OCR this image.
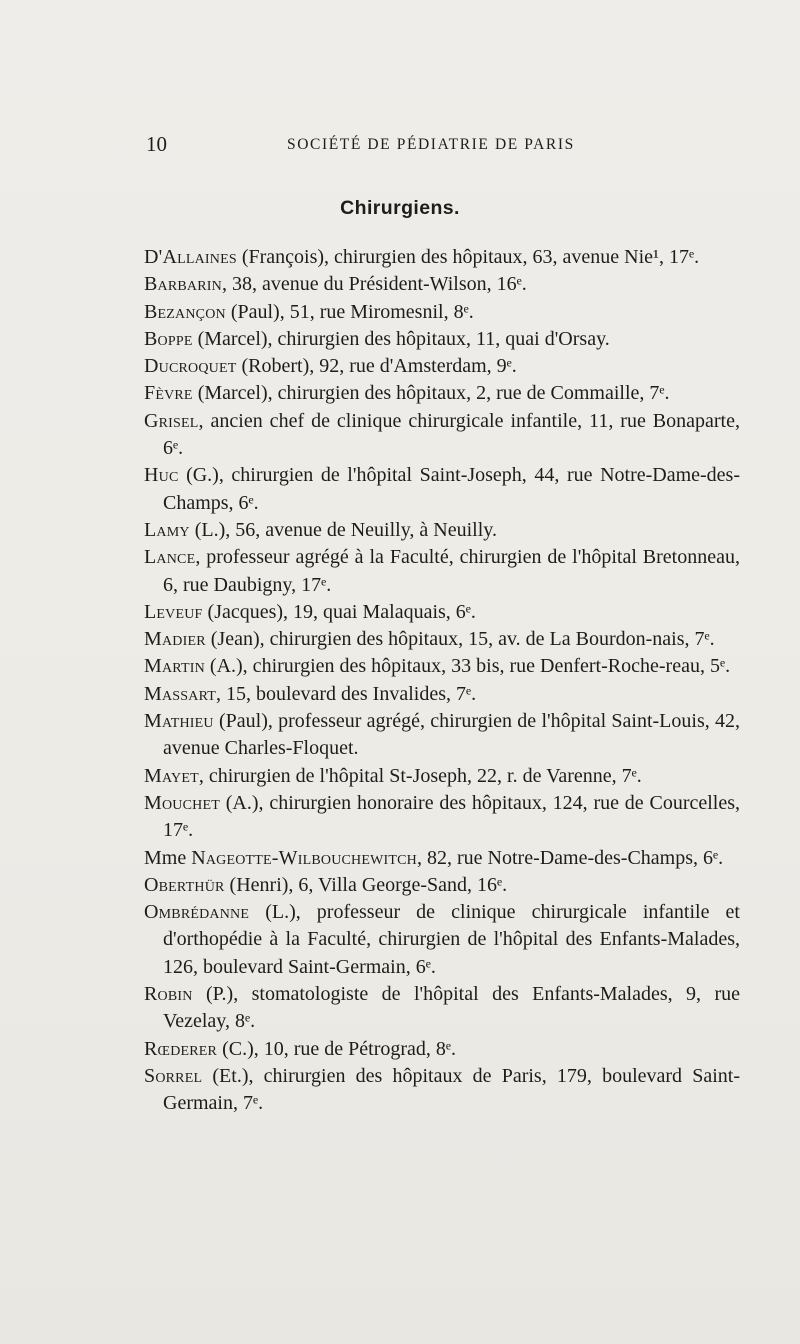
10	SOCIÉTÉ DE PÉDIATRIE DE PARIS
Chirurgiens.
D'Allaines (François), chirurgien des hôpitaux, 63, avenue Nie¹, 17ᵉ.
Barbarin, 38, avenue du Président-Wilson, 16ᵉ.
Bezançon (Paul), 51, rue Miromesnil, 8ᵉ.
Boppe (Marcel), chirurgien des hôpitaux, 11, quai d'Orsay.
Ducroquet (Robert), 92, rue d'Amsterdam, 9ᵉ.
Fèvre (Marcel), chirurgien des hôpitaux, 2, rue de Commaille, 7ᵉ.
Grisel, ancien chef de clinique chirurgicale infantile, 11, rue Bonaparte, 6ᵉ.
Huc (G.), chirurgien de l'hôpital Saint-Joseph, 44, rue Notre-Dame-des-Champs, 6ᵉ.
Lamy (L.), 56, avenue de Neuilly, à Neuilly.
Lance, professeur agrégé à la Faculté, chirurgien de l'hôpital Bretonneau, 6, rue Daubigny, 17ᵉ.
Leveuf (Jacques), 19, quai Malaquais, 6ᵉ.
Madier (Jean), chirurgien des hôpitaux, 15, av. de La Bourdon-nais, 7ᵉ.
Martin (A.), chirurgien des hôpitaux, 33 bis, rue Denfert-Roche-reau, 5ᵉ.
Massart, 15, boulevard des Invalides, 7ᵉ.
Mathieu (Paul), professeur agrégé, chirurgien de l'hôpital Saint-Louis, 42, avenue Charles-Floquet.
Mayet, chirurgien de l'hôpital St-Joseph, 22, r. de Varenne, 7ᵉ.
Mouchet (A.), chirurgien honoraire des hôpitaux, 124, rue de Courcelles, 17ᵉ.
Mme Nageotte-Wilbouchewitch, 82, rue Notre-Dame-des-Champs, 6ᵉ.
Oberthür (Henri), 6, Villa George-Sand, 16ᵉ.
Ombrédanne (L.), professeur de clinique chirurgicale infantile et d'orthopédie à la Faculté, chirurgien de l'hôpital des Enfants-Malades, 126, boulevard Saint-Germain, 6ᵉ.
Robin (P.), stomatologiste de l'hôpital des Enfants-Malades, 9, rue Vezelay, 8ᵉ.
Rœderer (C.), 10, rue de Pétrograd, 8ᵉ.
Sorrel (Et.), chirurgien des hôpitaux de Paris, 179, boulevard Saint-Germain, 7ᵉ.
